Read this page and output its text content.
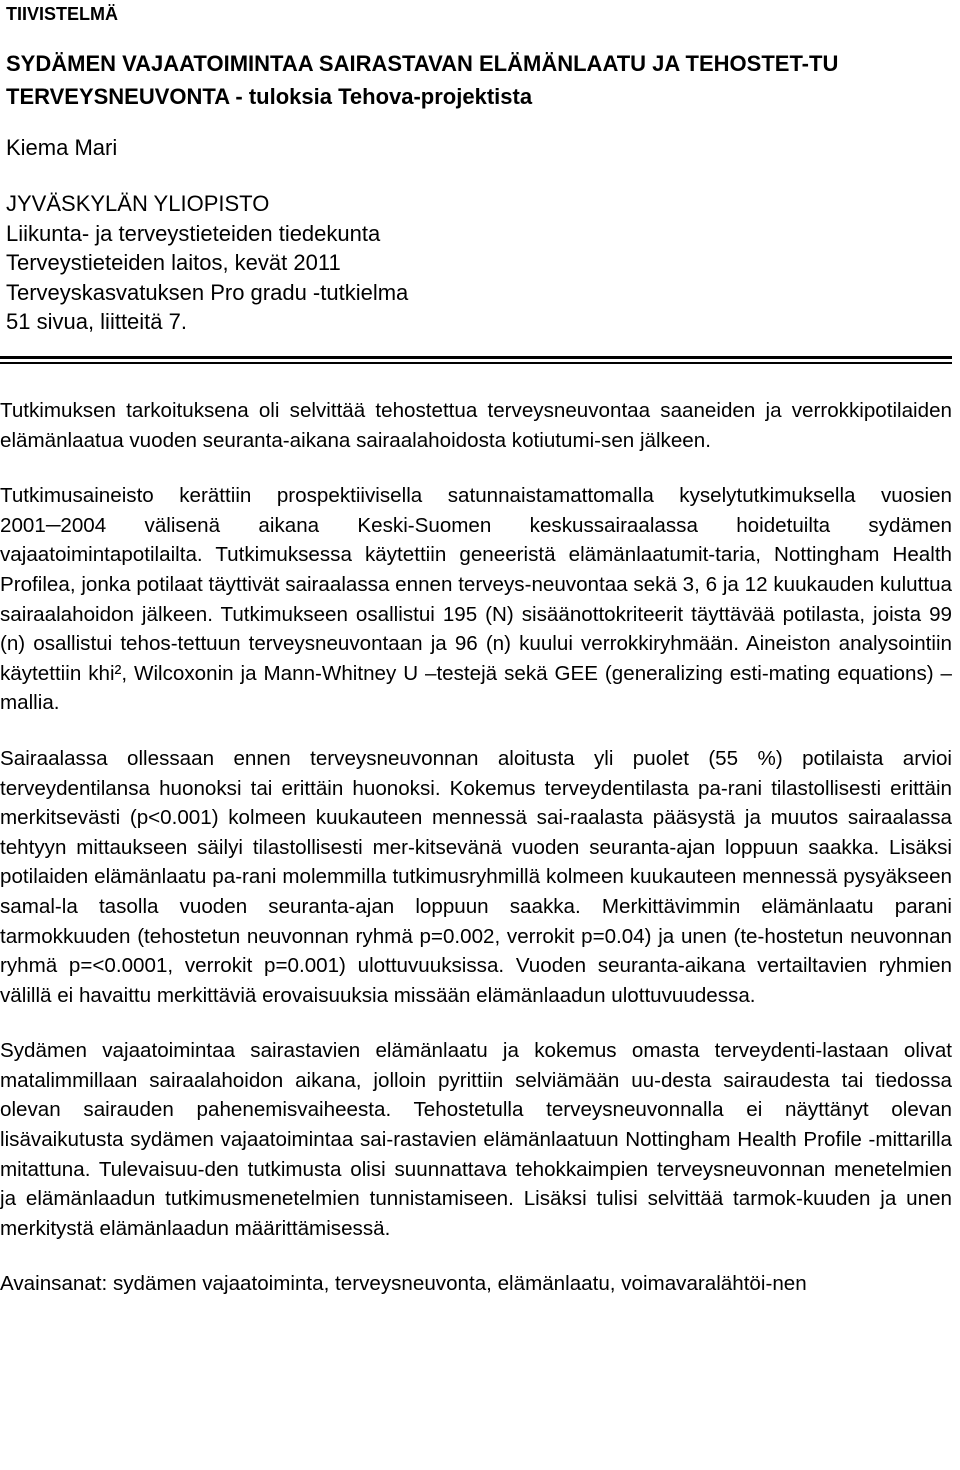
TIIVISTELMÄ
SYDÄMEN VAJAATOIMINTAA SAIRASTAVAN ELÄMÄNLAATU JA TEHOSTET-TU TERVEYSNEUVONTA - tuloksia Tehova-projektista
Kiema Mari
JYVÄSKYLÄN YLIOPISTO
Liikunta- ja terveystieteiden tiedekunta
Terveystieteiden laitos, kevät 2011
Terveyskasvatuksen Pro gradu -tutkielma
51 sivua, liitteitä 7.

Tutkimuksen tarkoituksena oli selvittää tehostettua terveysneuvontaa saaneiden ja verrokkipotilaiden elämänlaatua vuoden seuranta-aikana sairaalahoidosta kotiutumi-sen jälkeen.

Tutkimusaineisto kerättiin prospektiivisella satunnaistamattomalla kyselytutkimuksella vuosien 2001─2004 välisenä aikana Keski-Suomen keskussairaalassa hoidetuilta sydämen vajaatoimintapotilailta. Tutkimuksessa käytettiin geneeristä elämänlaatumit-taria, Nottingham Health Profilea, jonka potilaat täyttivät sairaalassa ennen terveys-neuvontaa sekä 3, 6 ja 12 kuukauden kuluttua sairaalahoidon jälkeen. Tutkimukseen osallistui 195 (N) sisäänottokriteerit täyttävää potilasta, joista 99 (n) osallistui tehos-tettuun terveysneuvontaan ja 96 (n) kuului verrokkiryhmään. Aineiston analysointiin käytettiin khi², Wilcoxonin ja Mann-Whitney U –testejä sekä GEE (generalizing esti-mating equations) –mallia.

Sairaalassa ollessaan ennen terveysneuvonnan aloitusta yli puolet (55 %) potilaista arvioi terveydentilansa huonoksi tai erittäin huonoksi. Kokemus terveydentilasta pa-rani tilastollisesti erittäin merkitsevästi (p<0.001) kolmeen kuukauteen mennessä sai-raalasta pääsystä ja muutos sairaalassa tehtyyn mittaukseen säilyi tilastollisesti mer-kitsevänä vuoden seuranta-ajan loppuun saakka. Lisäksi potilaiden elämänlaatu pa-rani molemmilla tutkimusryhmillä kolmeen kuukauteen mennessä pysyäkseen samal-la tasolla vuoden seuranta-ajan loppuun saakka. Merkittävimmin elämänlaatu parani tarmokkuuden (tehostetun neuvonnan ryhmä p=0.002, verrokit p=0.04) ja unen (te-hostetun neuvonnan ryhmä p=<0.0001, verrokit p=0.001) ulottuvuuksissa. Vuoden seuranta-aikana vertailtavien ryhmien välillä ei havaittu merkittäviä erovaisuuksia missään elämänlaadun ulottuvuudessa.

Sydämen vajaatoimintaa sairastavien elämänlaatu ja kokemus omasta terveydenti-lastaan olivat matalimmillaan sairaalahoidon aikana, jolloin pyrittiin selviämään uu-desta sairaudesta tai tiedossa olevan sairauden pahenemisvaiheesta. Tehostetulla terveysneuvonnalla ei näyttänyt olevan lisävaikutusta sydämen vajaatoimintaa sai-rastavien elämänlaatuun Nottingham Health Profile -mittarilla mitattuna. Tulevaisuu-den tutkimusta olisi suunnattava tehokkaimpien terveysneuvonnan menetelmien ja elämänlaadun tutkimusmenetelmien tunnistamiseen. Lisäksi tulisi selvittää tarmok-kuuden ja unen merkitystä elämänlaadun määrittämisessä.

Avainsanat: sydämen vajaatoiminta, terveysneuvonta, elämänlaatu, voimavaralähtöi-nen
